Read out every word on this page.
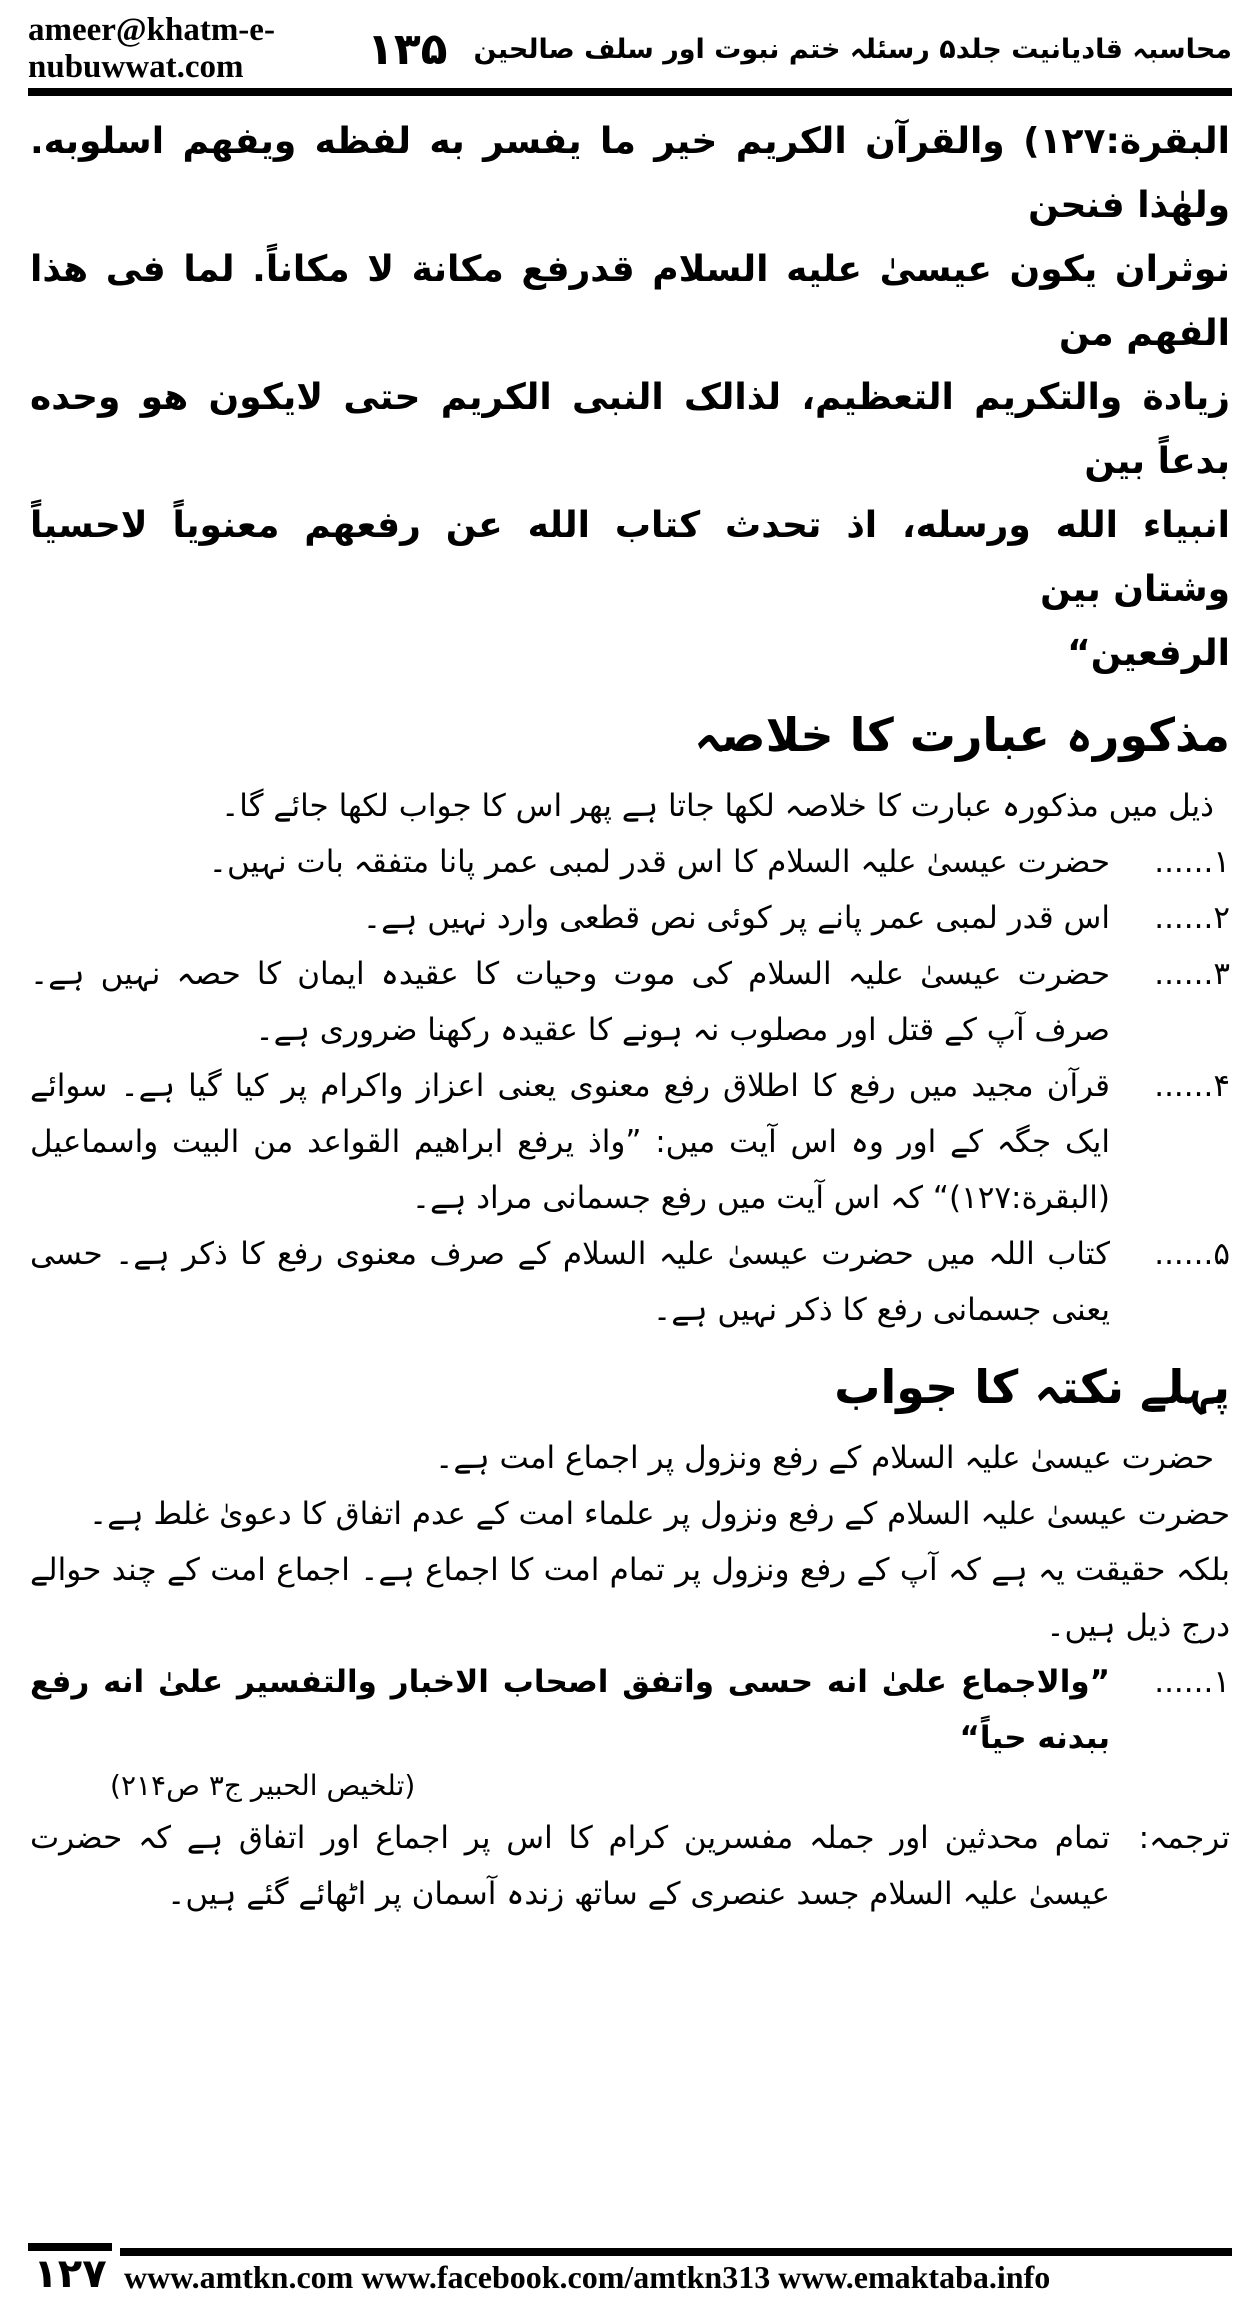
ameer@khatm-e-nubuwwat.com	۱۳۵ محاسبہ قادیانیت جلد۵ رسئلہ ختم نبوت اور سلف صالحین

البقرة:۱۲۷) والقرآن الكريم خير ما يفسر به لفظه ويفهم اسلوبه. ولهٰذا فنحن

نوثران يكون عيسىٰ عليه السلام قدرفع مكانة لا مكاناً. لما فى هذا الفهم من

زيادة والتكريم التعظيم، لذالک النبى الكريم حتى لايكون هو وحده بدعاً بين

انبياء الله ورسله، اذ تحدث كتاب الله عن رفعهم معنوياً لاحسياً وشتان بين

الرفعين“

مذکورہ عبارت کا خلاصہ
ذیل میں مذکورہ عبارت کا خلاصہ لکھا جاتا ہے پھر اس کا جواب لکھا جائے گا۔
۱......
حضرت عیسیٰ علیہ السلام کا اس قدر لمبی عمر پانا متفقہ بات نہیں۔
۲......
اس قدر لمبی عمر پانے پر کوئی نص قطعی وارد نہیں ہے۔
۳......
حضرت عیسیٰ علیہ السلام کی موت وحیات کا عقیدہ ایمان کا حصہ نہیں ہے۔ صرف آپ کے قتل اور مصلوب نہ ہونے کا عقیدہ رکھنا ضروری ہے۔
۴......
قرآن مجید میں رفع کا اطلاق رفع معنوی یعنی اعزاز واکرام پر کیا گیا ہے۔ سوائے ایک جگہ کے اور وہ اس آیت میں: ”واذ یرفع ابراهيم القواعد من البيت واسماعيل (البقرة:۱۲۷)“ کہ اس آیت میں رفع جسمانی مراد ہے۔
۵......
کتاب اللہ میں حضرت عیسیٰ علیہ السلام کے صرف معنوی رفع کا ذکر ہے۔ حسی یعنی جسمانی رفع کا ذکر نہیں ہے۔
پہلے نکتہ کا جواب
حضرت عیسیٰ علیہ السلام کے رفع ونزول پر اجماع امت ہے۔
حضرت عیسیٰ علیہ السلام کے رفع ونزول پر علماء امت کے عدم اتفاق کا دعویٰ غلط ہے۔
بلکہ حقیقت یہ ہے کہ آپ کے رفع ونزول پر تمام امت کا اجماع ہے۔ اجماع امت کے چند حوالے درج ذیل ہیں۔
۱......
”والاجماع علىٰ انه حسى واتفق اصحاب الاخبار والتفسير علىٰ انه رفع ببدنه حياً“
(تلخیص الحبیر ج۳ ص۲۱۴)
ترجمہ:
تمام محدثین اور جملہ مفسرین کرام کا اس پر اجماع اور اتفاق ہے کہ حضرت عیسیٰ علیہ السلام جسد عنصری کے ساتھ زندہ آسمان پر اٹھائے گئے ہیں۔
۱۲۷ www.amtkn.com www.facebook.com/amtkn313 www.emaktaba.info
